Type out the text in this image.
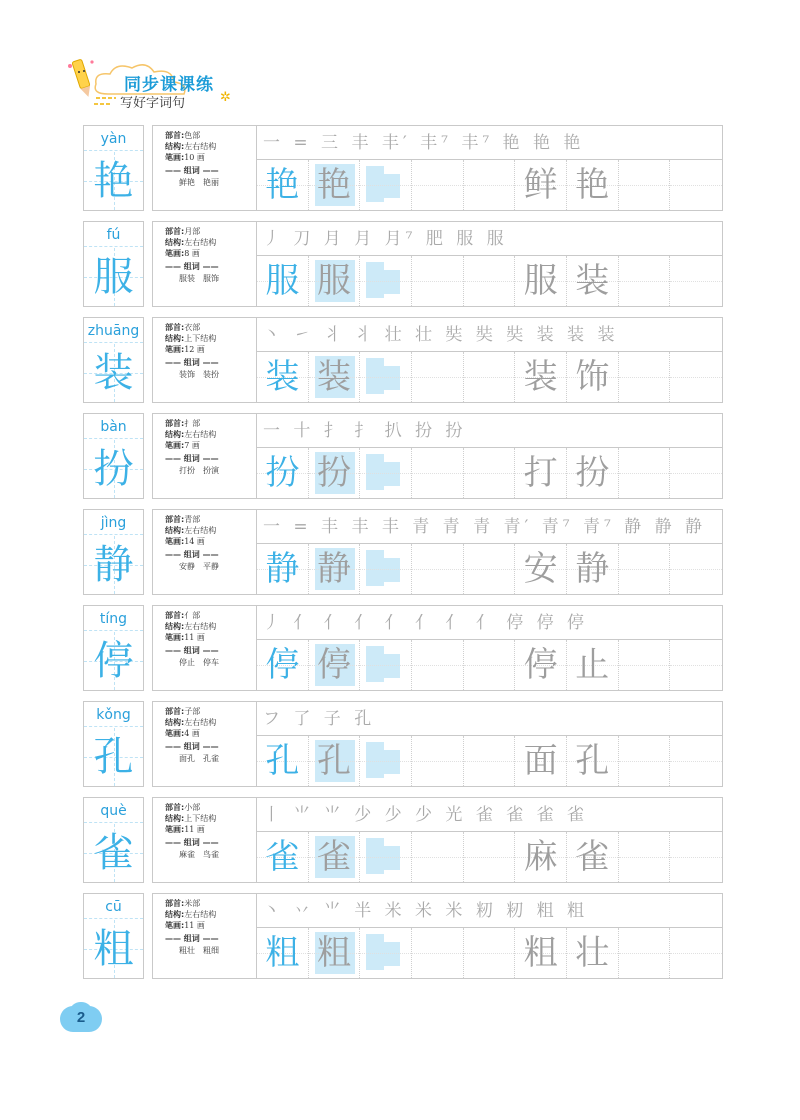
同步课课练
写好字词句	✲
yàn
艳
部首:色部
结构:左右结构
笔画:10 画
—— 组词 ——
鲜艳　艳丽
一 = 三 丰 丰′ 丰⁷ 丰⁷ 艳 艳 艳
艳 艳	鲜 艳
fú
服
部首:月部
结构:左右结构
笔画:8 画
—— 组词 ——
服装　服饰
丿 刀 月 月 月⁷ 肥 服 服
服 服	服 装
zhuāng
装
部首:衣部
结构:上下结构
笔画:12 画
—— 组词 ——
装饰　装扮
丶 ㇀ 丬 丬 壮 壮 奘 奘 奘 装 装 装
装 装	装 饰
bàn
扮
部首:扌部
结构:左右结构
笔画:7 画
—— 组词 ——
打扮　扮演
一 十 扌 扌 扒 扮 扮
扮 扮	打 扮
jìng
静
部首:青部
结构:左右结构
笔画:14 画
—— 组词 ——
安静　平静
一 = 丰 丰 丰 青 青 青 青′ 青⁷ 青⁷ 静 静 静
静 静	安 静
tíng
停
部首:亻部
结构:左右结构
笔画:11 画
—— 组词 ——
停止　停车
丿 亻 亻 亻 亻 亻 亻 亻 停 停 停
停 停	停 止
kǒng
孔
部首:子部
结构:左右结构
笔画:4 画
—— 组词 ——
面孔　孔雀
フ 了 子 孔
孔 孔	面 孔
què
雀
部首:小部
结构:上下结构
笔画:11 画
—— 组词 ——
麻雀　鸟雀
丨 ⺌ ⺌ 少 少 少 光 雀 雀 雀 雀
雀 雀	麻 雀
cū
粗
部首:米部
结构:左右结构
笔画:11 画
—— 组词 ——
粗壮　粗细
丶 丷 ⺌ 半 米 米 米 籾 籾 粗 粗
粗 粗	粗 壮
2
